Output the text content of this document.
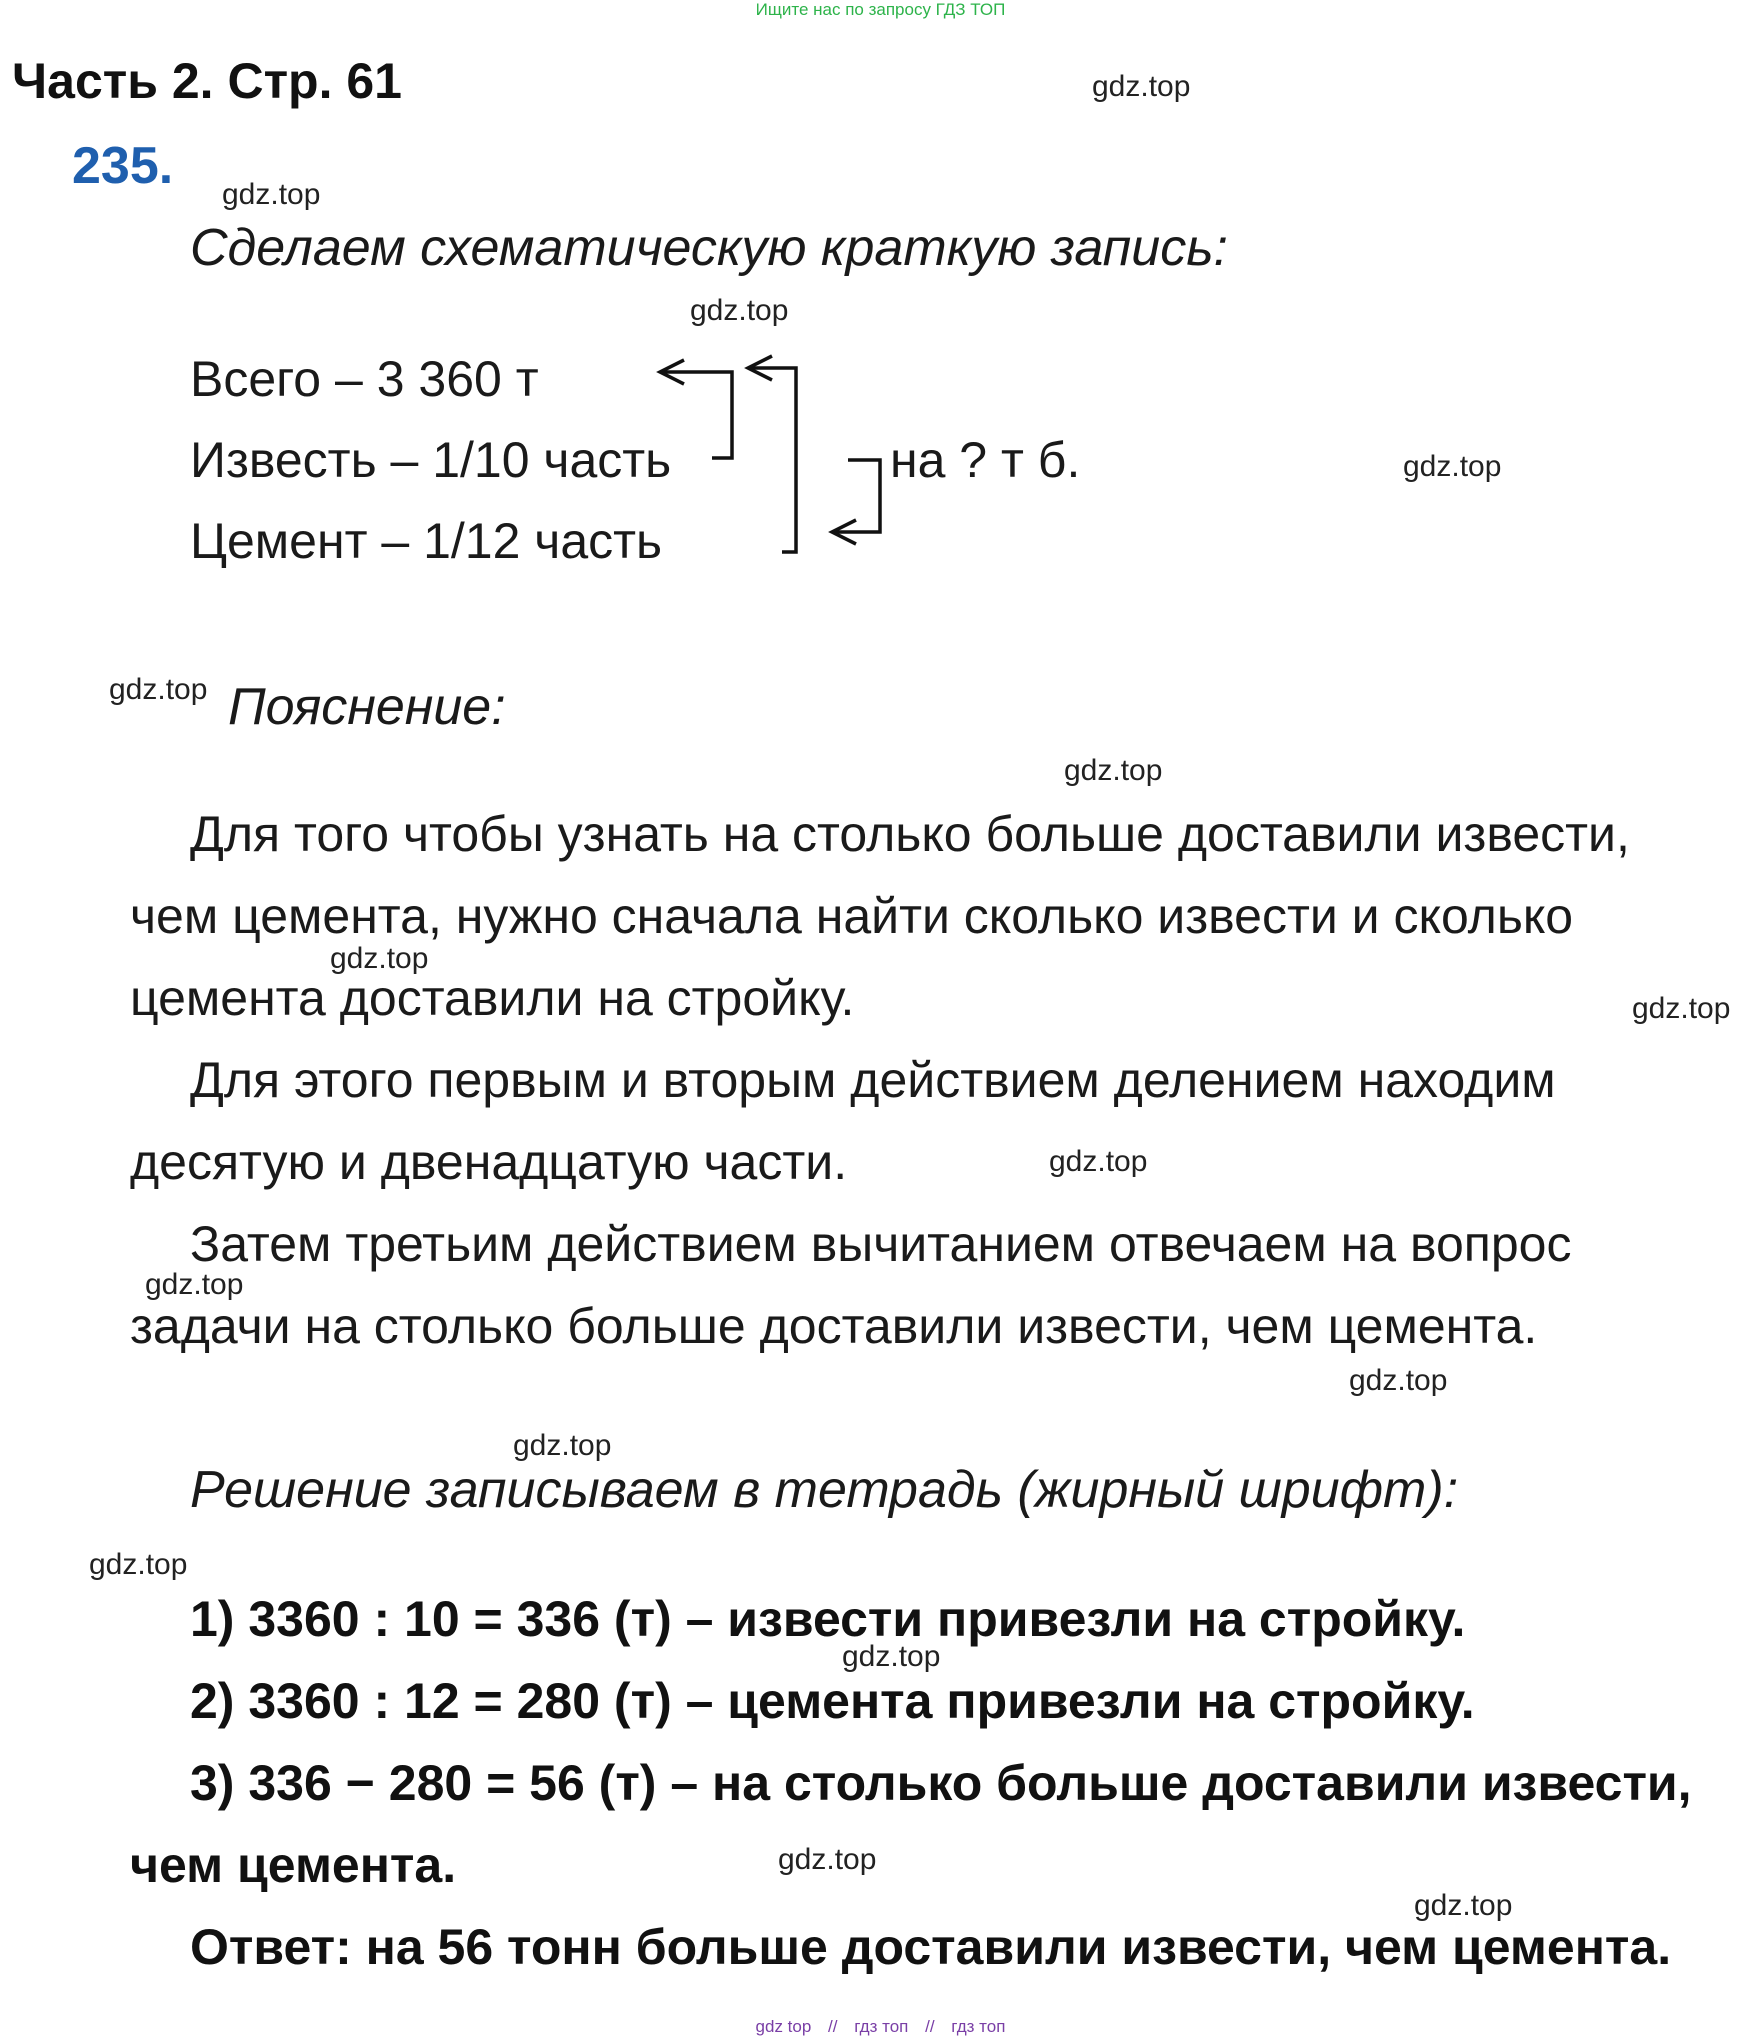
Ищите нас по запросу ГДЗ ТОП
Часть 2. Стр. 61
235.
Сделаем схематическую краткую запись:
Всего – 3 360 т
Известь – 1/10 часть
Цемент – 1/12 часть
на ? т б.
Пояснение:
Для того чтобы узнать на столько больше доставили извести,
чем цемента, нужно сначала найти сколько извести и сколько
цемента доставили на стройку.
Для этого первым и вторым действием делением находим
десятую и двенадцатую части.
Затем третьим действием вычитанием отвечаем на вопрос
задачи на столько больше доставили извести, чем цемента.
Решение записываем в тетрадь (жирный шрифт):
1) 3360 : 10 = 336 (т) – извести привезли на стройку.
2) 3360 : 12 = 280 (т) – цемента привезли на стройку.
3) 336 − 280 = 56 (т) – на столько больше доставили извести,
чем цемента.
Ответ: на 56 тонн больше доставили извести, чем цемента.
gdz.top
gdz.top
gdz.top
gdz.top
gdz.top
gdz.top
gdz.top
gdz.top
gdz.top
gdz.top
gdz.top
gdz.top
gdz.top
gdz.top
gdz.top
gdz.top
gdz top // гдз топ // гдз топ
